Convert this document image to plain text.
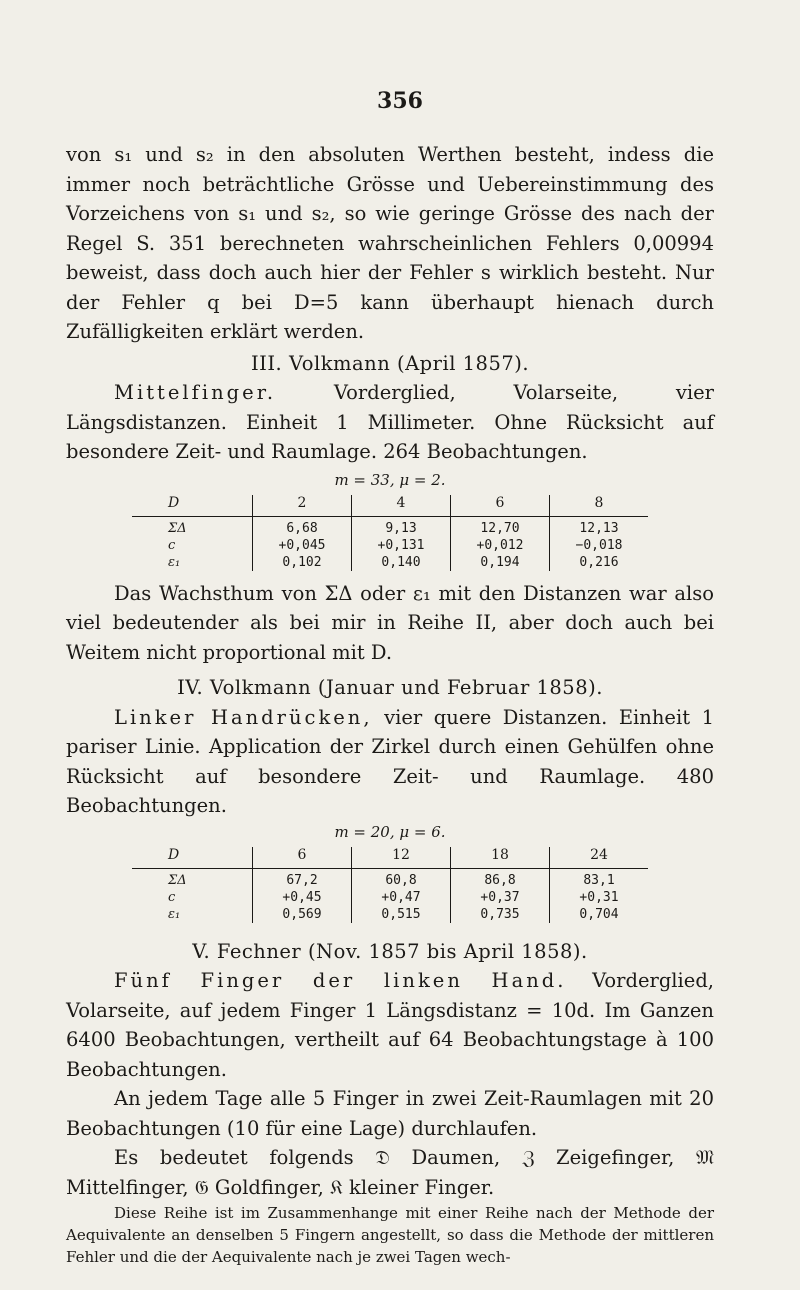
356

von s₁ und s₂ in den absoluten Werthen besteht, indess die immer noch beträchtliche Grösse und Uebereinstimmung des Vorzeichens von s₁ und s₂, so wie geringe Grösse des nach der Regel S. 351 berechneten wahrscheinlichen Fehlers 0,00994 beweist, dass doch auch hier der Fehler s wirklich besteht. Nur der Fehler q bei D=5 kann überhaupt hienach durch Zufälligkeiten erklärt werden.

III. Volkmann (April 1857).

Mittelfinger. Vorderglied, Volarseite, vier Längsdistanzen. Einheit 1 Millimeter. Ohne Rücksicht auf besondere Zeit- und Raumlage. 264 Beobachtungen.

m = 33, μ = 2.

D	2	4	6	8
ΣΔ	6,68	9,13	12,70	12,13
c	+0,045	+0,131	+0,012	−0,018
ε₁	0,102	0,140	0,194	0,216

Das Wachsthum von ΣΔ oder ε₁ mit den Distanzen war also viel bedeutender als bei mir in Reihe II, aber doch auch bei Weitem nicht proportional mit D.

IV. Volkmann (Januar und Februar 1858).

Linker Handrücken, vier quere Distanzen. Einheit 1 pariser Linie. Application der Zirkel durch einen Gehülfen ohne Rücksicht auf besondere Zeit- und Raumlage. 480 Beobachtungen.

m = 20, μ = 6.

D	6	12	18	24
ΣΔ	67,2	60,8	86,8	83,1
c	+0,45	+0,47	+0,37	+0,31
ε₁	0,569	0,515	0,735	0,704

V. Fechner (Nov. 1857 bis April 1858).

Fünf Finger der linken Hand. Vorderglied, Volarseite, auf jedem Finger 1 Längsdistanz = 10d. Im Ganzen 6400 Beobachtungen, vertheilt auf 64 Beobachtungstage à 100 Beobachtungen.

An jedem Tage alle 5 Finger in zwei Zeit-Raumlagen mit 20 Beobachtungen (10 für eine Lage) durchlaufen.

Es bedeutet folgends 𝔇 Daumen, ℨ Zeigefinger, 𝔐 Mittelfinger, 𝔊 Goldfinger, 𝔎 kleiner Finger.

Diese Reihe ist im Zusammenhange mit einer Reihe nach der Methode der Aequivalente an denselben 5 Fingern angestellt, so dass die Methode der mittleren Fehler und die der Aequivalente nach je zwei Tagen wech-
